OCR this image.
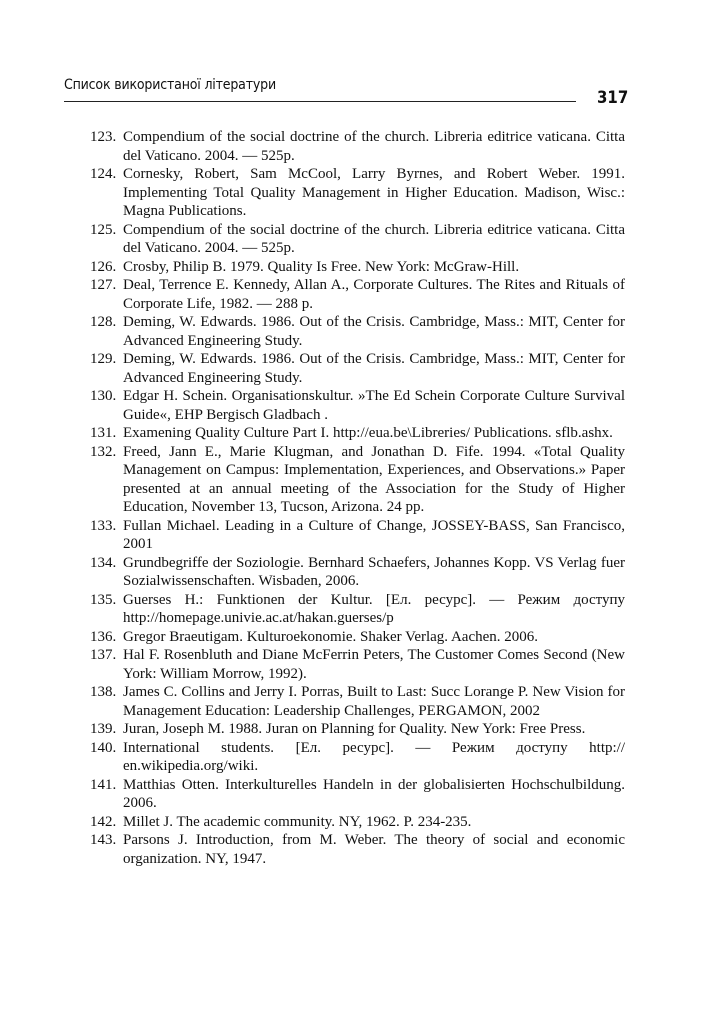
Список використаної літератури
317
123. Compendium of the social doctrine of the church. Libreria editrice vaticana. Citta del Vaticano. 2004. — 525p.
124. Cornesky, Robert, Sam McCool, Larry Byrnes, and Robert Weber. 1991. Implementing Total Quality Management in Higher Education. Madison, Wisc.: Magna Publications.
125. Compendium of the social doctrine of the church. Libreria editrice vaticana. Citta del Vaticano. 2004. — 525p.
126. Crosby, Philip B. 1979. Quality Is Free. New York: McGraw-Hill.
127. Deal, Terrence E. Kennedy, Allan A., Corporate Cultures. The Rites and Rituals of Corporate Life, 1982. — 288 p.
128. Deming, W. Edwards. 1986. Out of the Crisis. Cambridge, Mass.: MIT, Center for Advanced Engineering Study.
129. Deming, W. Edwards. 1986. Out of the Crisis. Cambridge, Mass.: MIT, Center for Advanced Engineering Study.
130. Edgar H. Schein. Organisationskultur. »The Ed Schein Corporate Culture Survival Guide«, EHP Bergisch Gladbach .
131. Examening Quality Culture Part I. http://eua.be\Libreries/ Publications. sflb.ashx.
132. Freed, Jann E., Marie Klugman, and Jonathan D. Fife. 1994. «Total Quality Management on Campus: Implementation, Experiences, and Observations.» Paper presented at an annual meeting of the Association for the Study of Higher Education, November 13, Tucson, Arizona. 24 pp.
133. Fullan Michael. Leading in a Culture of Change, JOSSEY-BASS, San Francisco, 2001
134. Grundbegriffe der Soziologie. Bernhard Schaefers, Johannes Kopp. VS Verlag fuer Sozialwissenschaften. Wisbaden, 2006.
135. Guerses H.: Funktionen der Kultur. [Ел. ресурс]. — Режим доступу http://homepage.univie.ac.at/hakan.guerses/p
136. Gregor Braeutigam. Kulturoekonomie. Shaker Verlag. Aachen. 2006.
137. Hal F. Rosenbluth and Diane McFerrin Peters, The Customer Comes Second (New York: William Morrow, 1992).
138. James C. Collins and Jerry I. Porras, Built to Last: Succ Lorange P. New Vision for Management Education: Leadership Challenges, PERGAMON, 2002
139. Juran, Joseph M. 1988. Juran on Planning for Quality. New York: Free Press.
140. International students. [Ел. ресурс]. — Режим доступу http:// en.wikipedia.org/wiki.
141. Matthias Otten. Interkulturelles Handeln in der globalisierten Hochschulbildung. 2006.
142. Millet J. The academic community. NY, 1962. P. 234-235.
143. Parsons J. Introduction, from M. Weber. The theory of social and economic organization. NY, 1947.
